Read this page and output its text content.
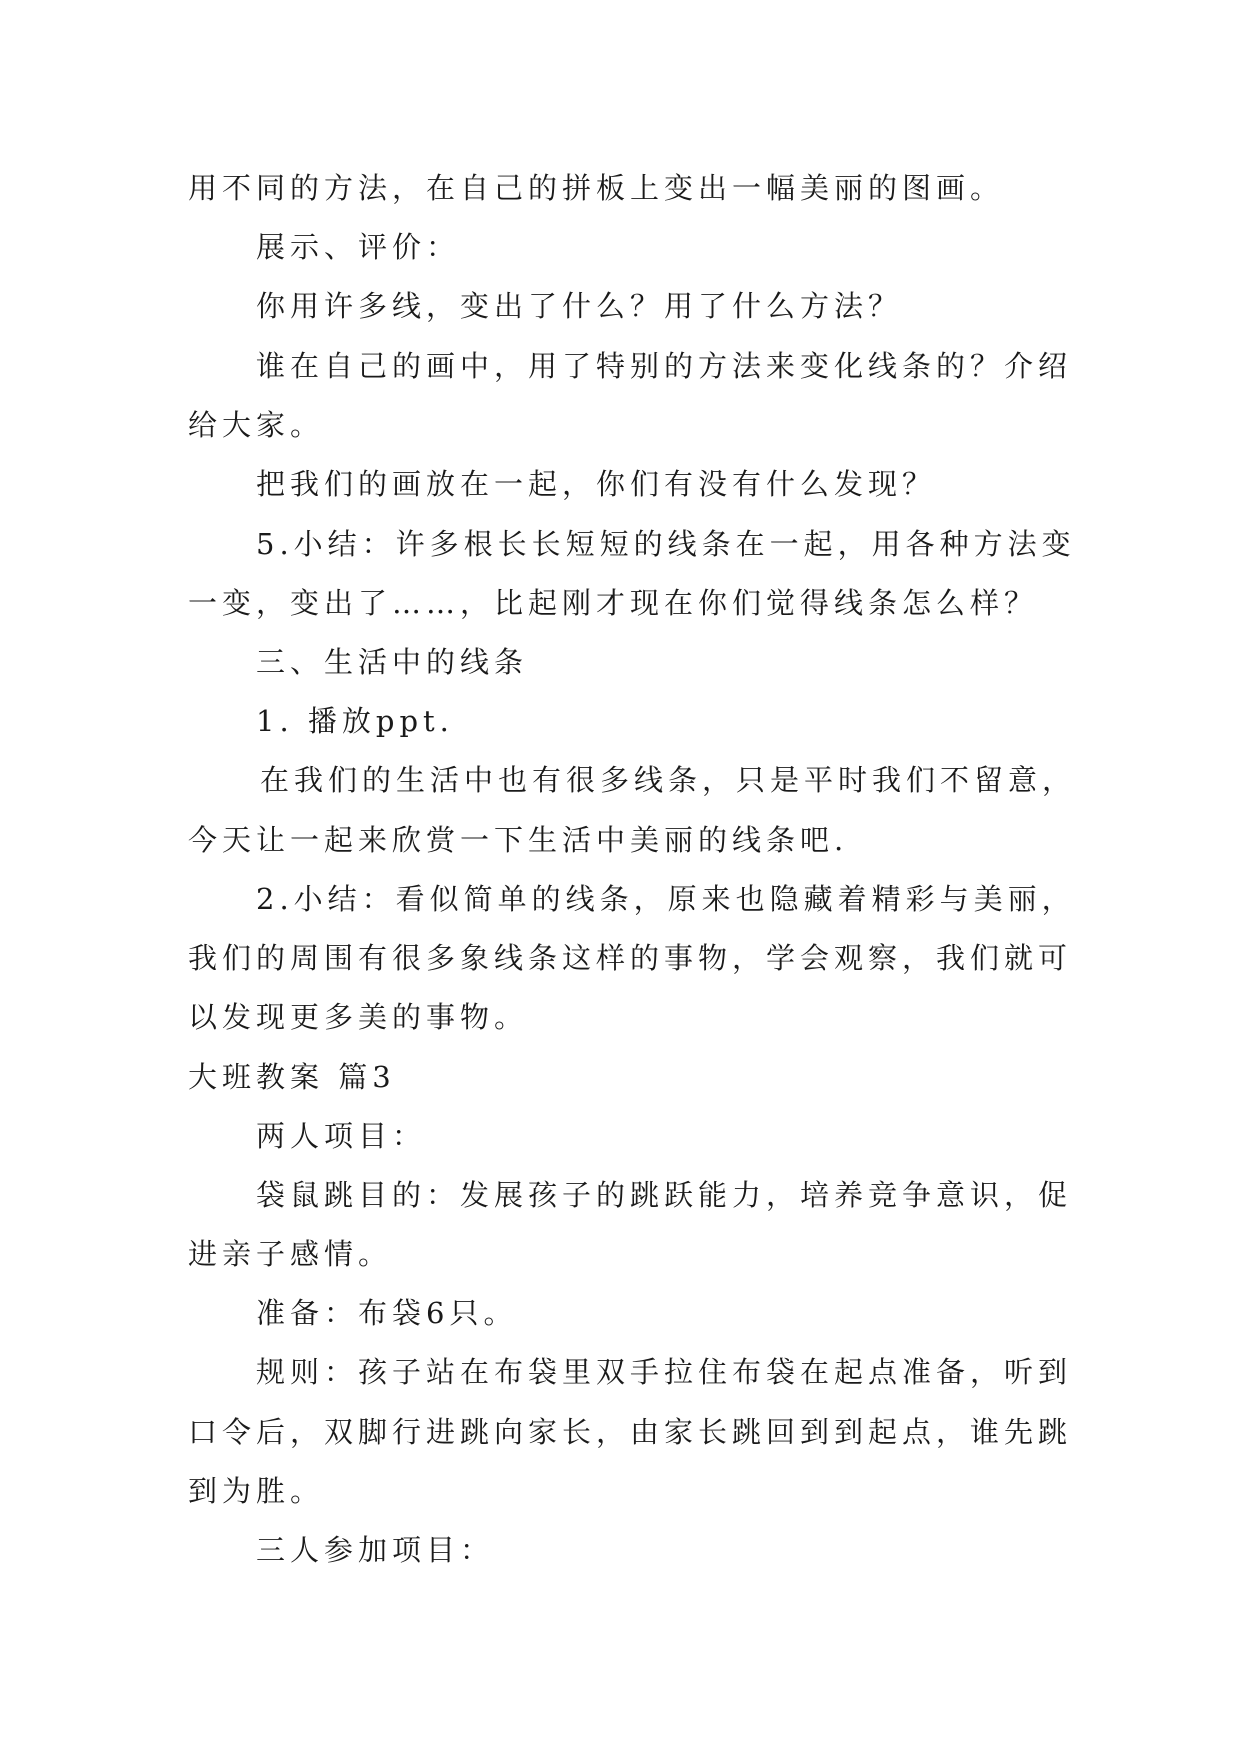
用不同的方法，在自己的拼板上变出一幅美丽的图画。
展示、评价：
你用许多线，变出了什么？用了什么方法？
谁在自己的画中，用了特别的方法来变化线条的？介绍
给大家。
把我们的画放在一起，你们有没有什么发现？
5.小结：许多根长长短短的线条在一起，用各种方法变
一变，变出了……，比起刚才现在你们觉得线条怎么样？
三、生活中的线条
1. 播放ppt.
在我们的生活中也有很多线条，只是平时我们不留意，
今天让一起来欣赏一下生活中美丽的线条吧.
2.小结：看似简单的线条，原来也隐藏着精彩与美丽，
我们的周围有很多象线条这样的事物，学会观察，我们就可
以发现更多美的事物。
大班教案 篇3
两人项目：
袋鼠跳目的：发展孩子的跳跃能力，培养竞争意识，促
进亲子感情。
准备：布袋6只。
规则：孩子站在布袋里双手拉住布袋在起点准备，听到
口令后，双脚行进跳向家长，由家长跳回到到起点，谁先跳
到为胜。
三人参加项目：
